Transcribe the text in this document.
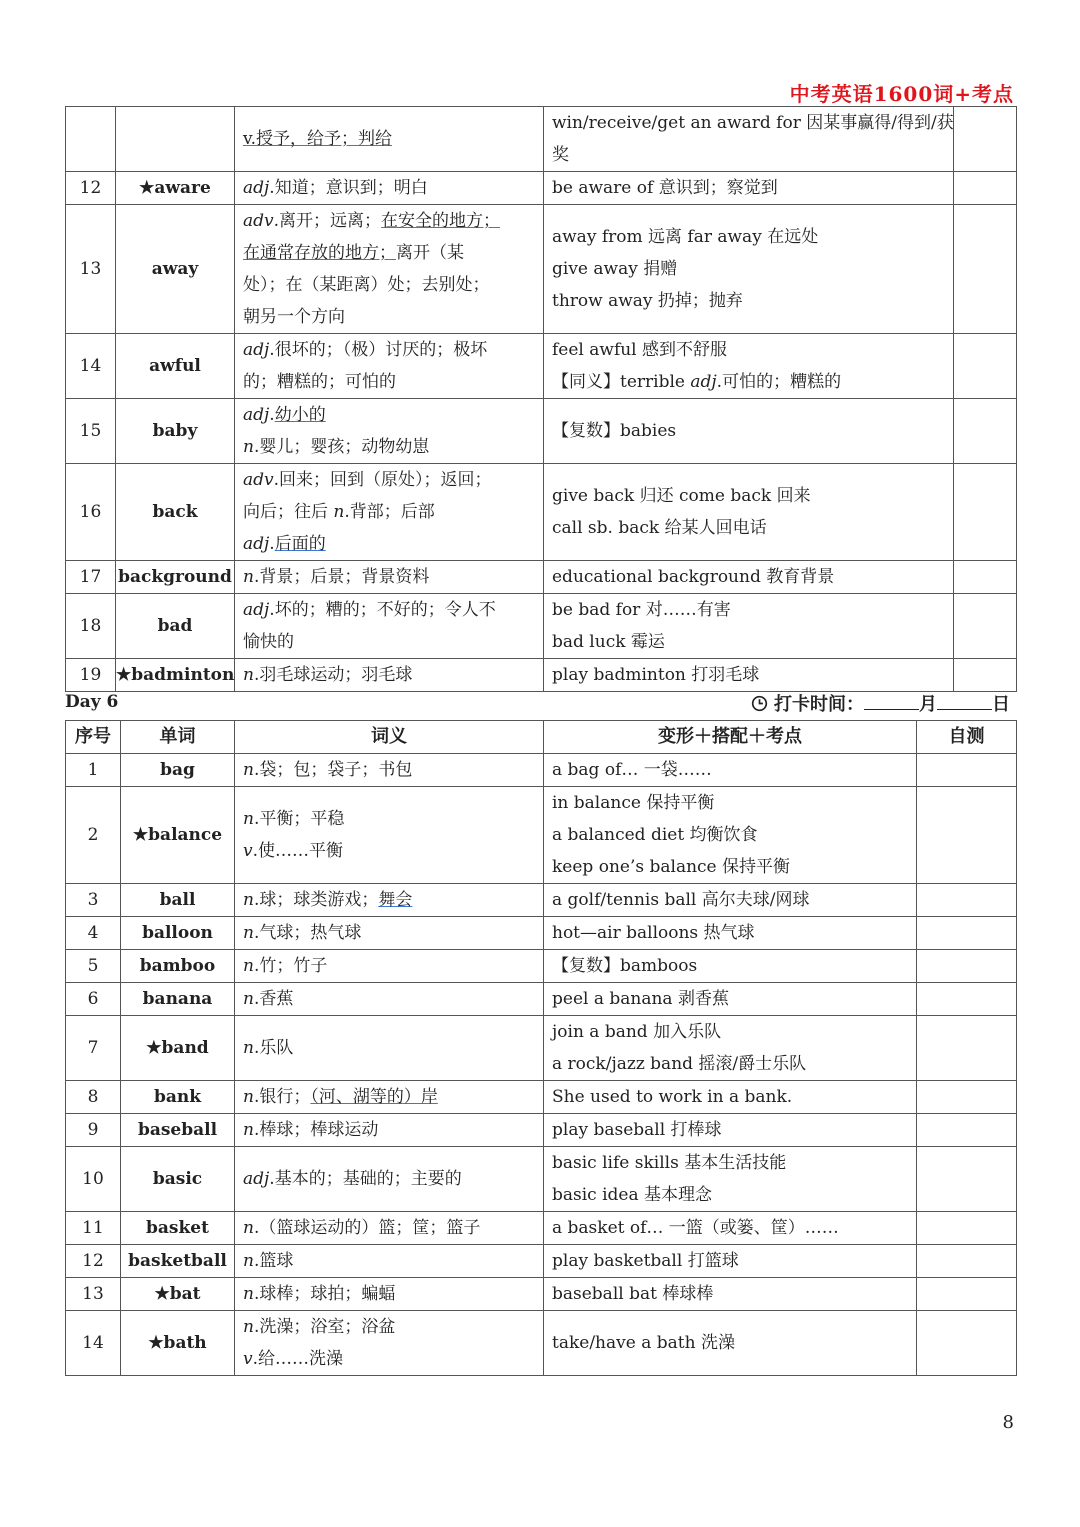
中考英语1600词+考点

		v.授予，给予；判给	win/receive/get an award for 因某事赢得/得到/获
奖	

12	★aware	adj.知道；意识到；明白	be aware of 意识到；察觉到	

13	away	adv.离开；远离；在安全的地方；
在通常存放的地方；离开（某
处）；在（某距离）处；去别处；
朝另一个方向	away from 远离 far away 在远处
give away 捐赠
throw away 扔掉；抛弃	

14	awful	adj.很坏的；（极）讨厌的；极坏
的；糟糕的；可怕的	feel awful 感到不舒服
【同义】terrible adj.可怕的；糟糕的	

15	baby	adj.幼小的
n.婴儿；婴孩；动物幼崽	【复数】babies	

16	back	adv.回来；回到（原处）；返回；
向后；往后 n.背部；后部
adj.后面的	give back 归还 come back 回来
call sb. back 给某人回电话	

17	background	n.背景；后景；背景资料	educational background 教育背景	

18	bad	adj.坏的；糟的；不好的；令人不
愉快的	be bad for 对……有害
bad luck 霉运	

19	★badminton	n.羽毛球运动；羽毛球	play badminton 打羽毛球	

Day 6	打卡时间：	月	日
序号	单词	词义	变形＋搭配＋考点	自测
1	bag	n.袋；包；袋子；书包	a bag of… 一袋……	

2	★balance	n.平衡；平稳
v.使……平衡	in balance 保持平衡
a balanced diet 均衡饮食
keep one’s balance 保持平衡	

3	ball	n.球；球类游戏；舞会	a golf/tennis ball 高尔夫球/网球	

4	balloon	n.气球；热气球	hot—air balloons 热气球	

5	bamboo	n.竹；竹子	【复数】bamboos	

6	banana	n.香蕉	peel a banana 剥香蕉	

7	★band	n.乐队	join a band 加入乐队
a rock/jazz band 摇滚/爵士乐队	

8	bank	n.银行；（河、湖等的）岸	She used to work in a bank.	

9	baseball	n.棒球；棒球运动	play baseball 打棒球	

10	basic	adj.基本的；基础的；主要的	basic life skills 基本生活技能
basic idea 基本理念	

11	basket	n.（篮球运动的）篮；筐；篮子	a basket of… 一篮（或篓、筐）……	

12	basketball	n.篮球	play basketball 打篮球	

13	★bat	n.球棒；球拍；蝙蝠	baseball bat 棒球棒	

14	★bath	n.洗澡；浴室；浴盆
v.给……洗澡	take/have a bath 洗澡	

8
